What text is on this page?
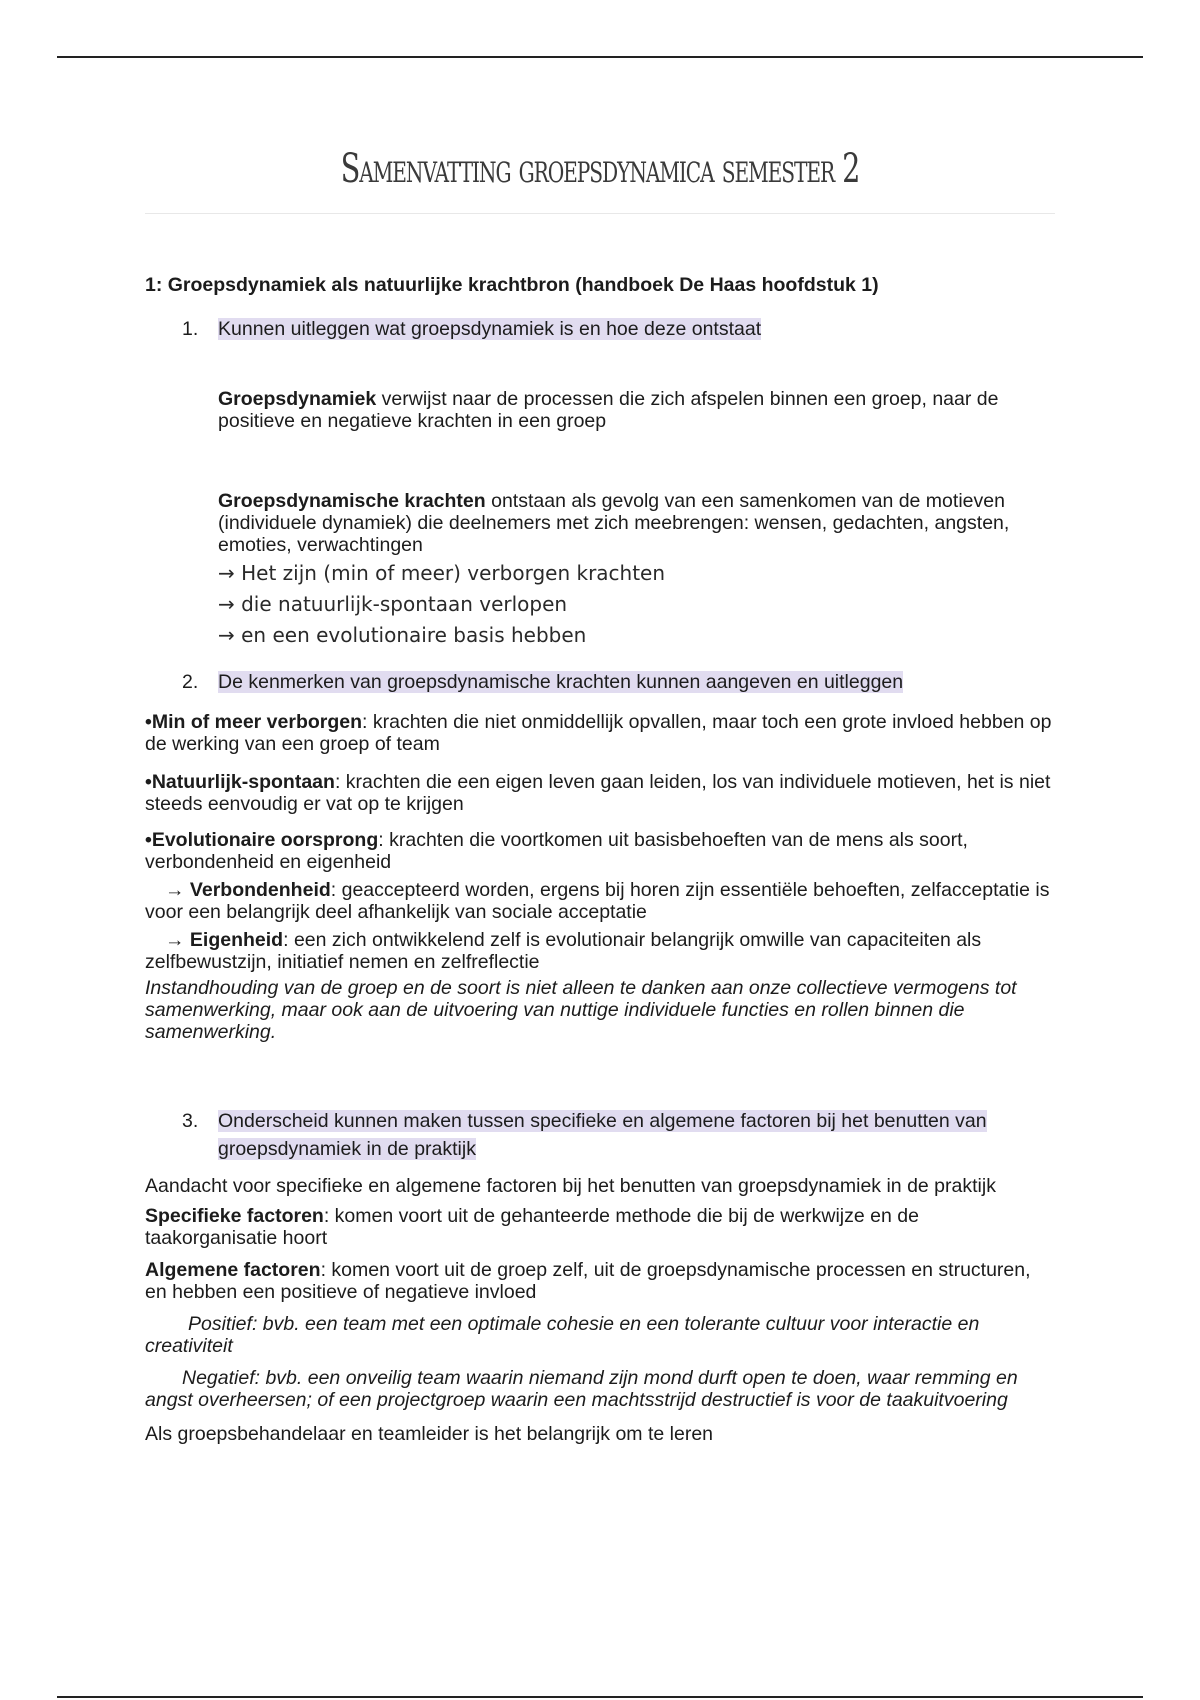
Samenvatting groepsdynamica semester 2

1: Groepsdynamiek als natuurlijke krachtbron (handboek De Haas hoofdstuk 1)

1. Kunnen uitleggen wat groepsdynamiek is en hoe deze ontstaat

Groepsdynamiek verwijst naar de processen die zich afspelen binnen een groep, naar de positieve en negatieve krachten in een groep

Groepsdynamische krachten ontstaan als gevolg van een samenkomen van de motieven (individuele dynamiek) die deelnemers met zich meebrengen: wensen, gedachten, angsten, emoties, verwachtingen

→ Het zijn (min of meer) verborgen krachten
→ die natuurlijk-spontaan verlopen
→ en een evolutionaire basis hebben
2. De kenmerken van groepsdynamische krachten kunnen aangeven en uitleggen

•Min of meer verborgen: krachten die niet onmiddellijk opvallen, maar toch een grote invloed hebben op de werking van een groep of team

•Natuurlijk-spontaan: krachten die een eigen leven gaan leiden, los van individuele motieven, het is niet steeds eenvoudig er vat op te krijgen

•Evolutionaire oorsprong: krachten die voortkomen uit basisbehoeften van de mens als soort, verbondenheid en eigenheid

→ Verbondenheid: geaccepteerd worden, ergens bij horen zijn essentiële behoeften, zelfacceptatie is voor een belangrijk deel afhankelijk van sociale acceptatie

→ Eigenheid: een zich ontwikkelend zelf is evolutionair belangrijk omwille van capaciteiten als zelfbewustzijn, initiatief nemen en zelfreflectie

Instandhouding van de groep en de soort is niet alleen te danken aan onze collectieve vermogens tot samenwerking, maar ook aan de uitvoering van nuttige individuele functies en rollen binnen die samenwerking.

3. Onderscheid kunnen maken tussen specifieke en algemene factoren bij het benutten van groepsdynamiek in de praktijk

Aandacht voor specifieke en algemene factoren bij het benutten van groepsdynamiek in de praktijk

Specifieke factoren: komen voort uit de gehanteerde methode die bij de werkwijze en de taakorganisatie hoort

Algemene factoren: komen voort uit de groep zelf, uit de groepsdynamische processen en structuren, en hebben een positieve of negatieve invloed

Positief: bvb. een team met een optimale cohesie en een tolerante cultuur voor interactie en creativiteit

Negatief: bvb. een onveilig team waarin niemand zijn mond durft open te doen, waar remming en angst overheersen; of een projectgroep waarin een machtsstrijd destructief is voor de taakuitvoering

Als groepsbehandelaar en teamleider is het belangrijk om te leren
